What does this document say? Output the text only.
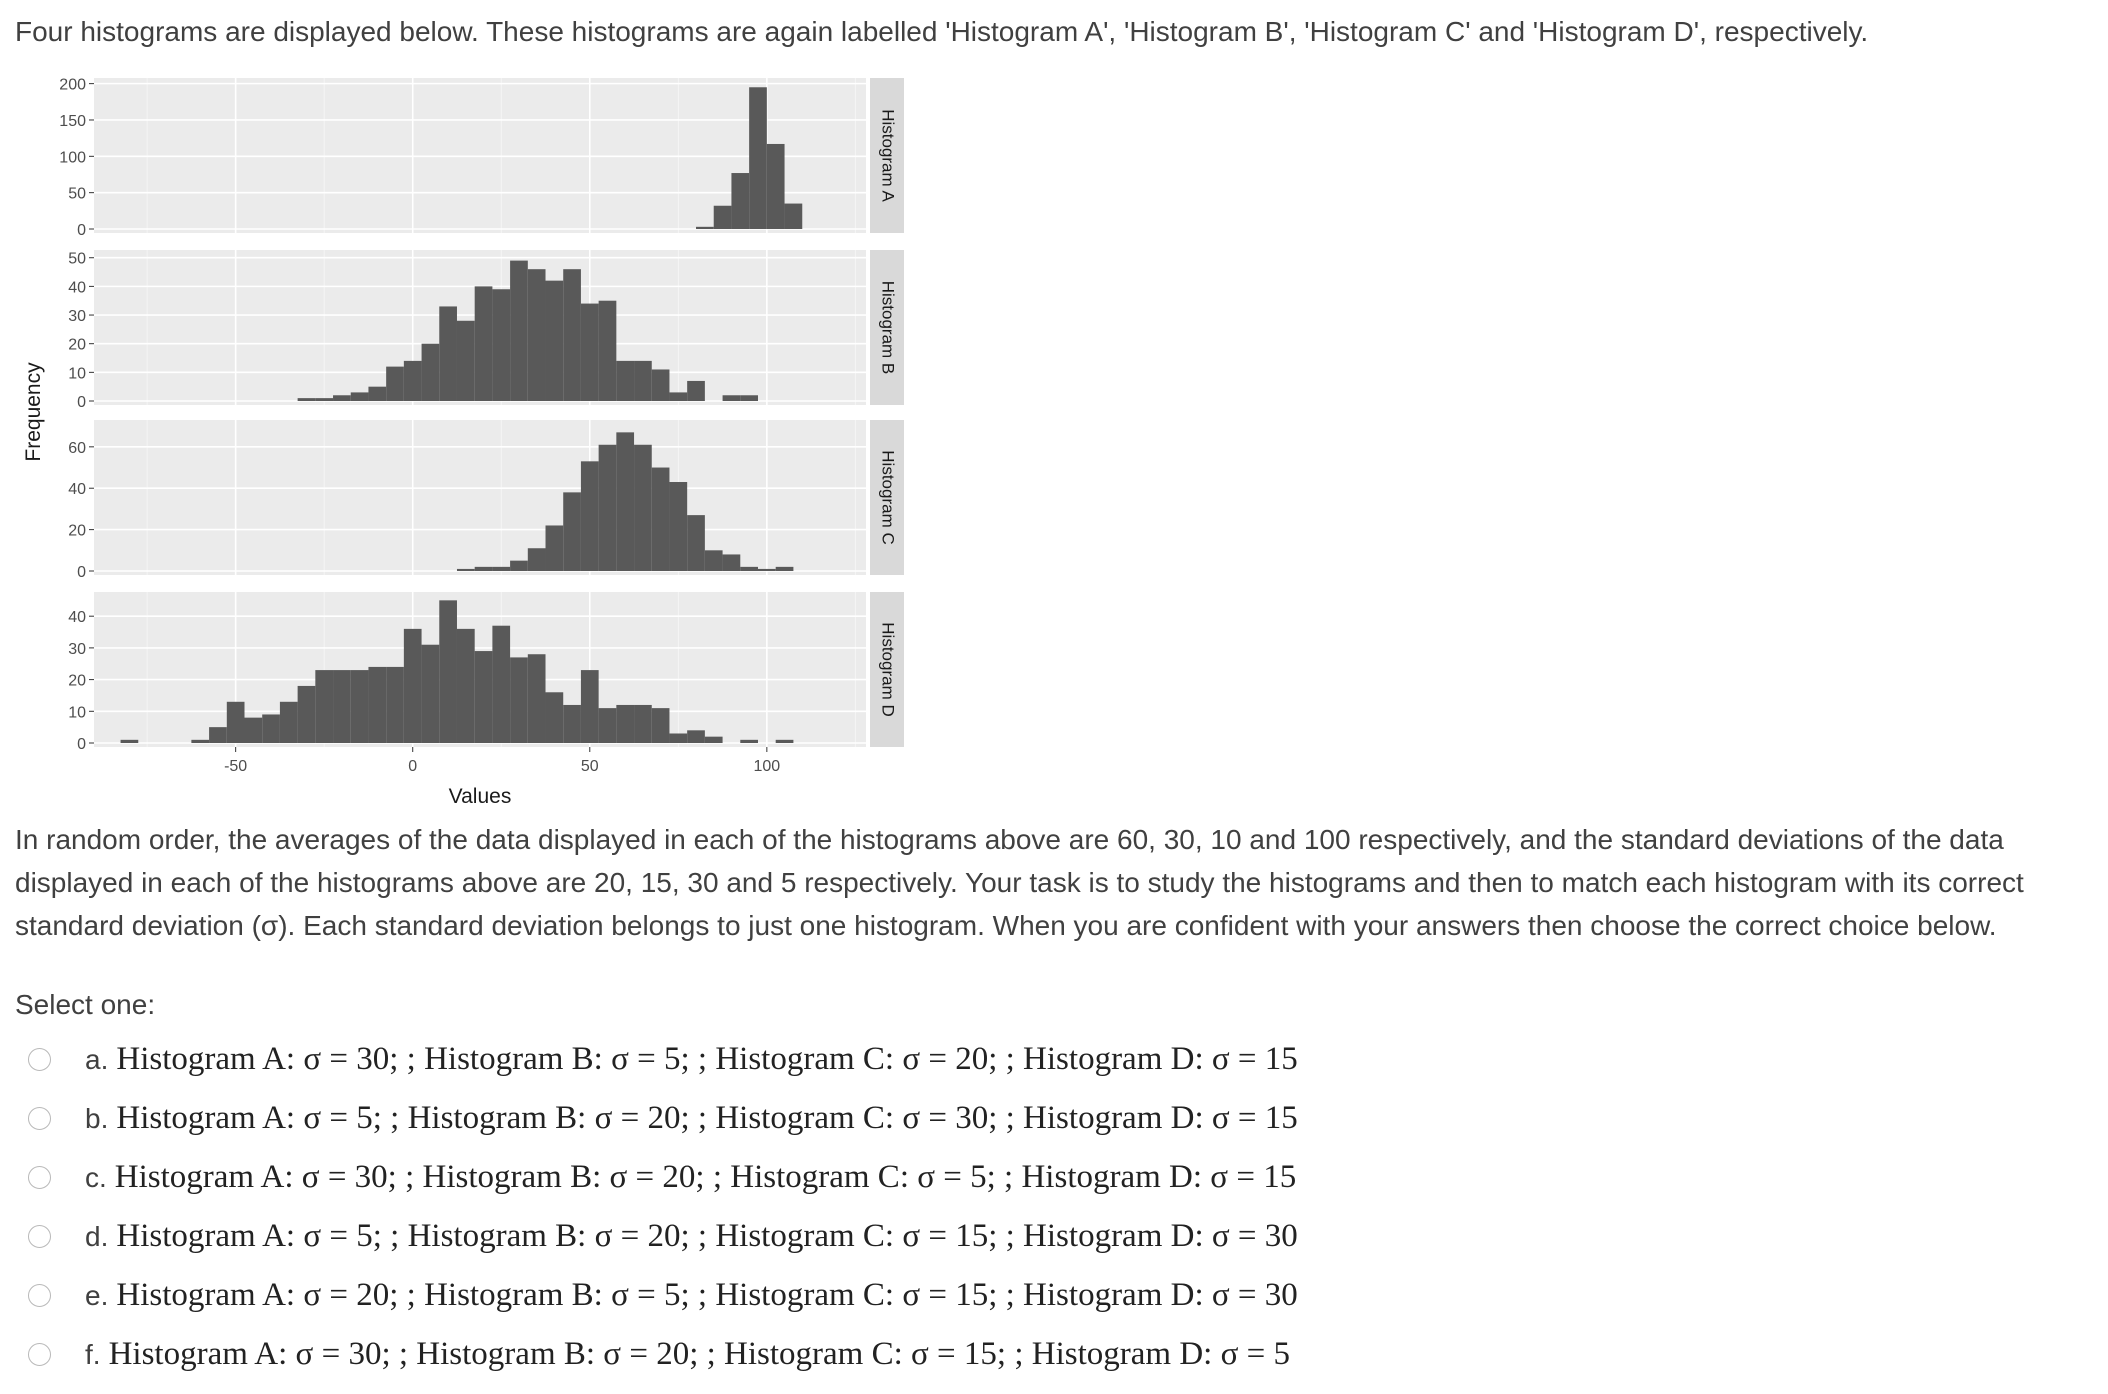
Four histograms are displayed below. These histograms are again labelled 'Histogram A', 'Histogram B', 'Histogram C' and 'Histogram D', respectively.
0
50
100
150
200
Histogram A
0
10
20
30
40
50
Histogram B
0
20
40
60
Histogram C
0
10
20
30
40
Histogram D
-50	0	50	100
Values
Frequency
In random order, the averages of the data displayed in each of the histograms above are 60, 30, 10 and 100 respectively, and the standard deviations of the data displayed in each of the histograms above are 20, 15, 30 and 5 respectively. Your task is to study the histograms and then to match each histogram with its correct standard deviation (σ). Each standard deviation belongs to just one histogram. When you are confident with your answers then choose the correct choice below.
Select one:
a. Histogram A: σ = 30; ; Histogram B: σ = 5; ; Histogram C: σ = 20; ; Histogram D: σ = 15
b. Histogram A: σ = 5; ; Histogram B: σ = 20; ; Histogram C: σ = 30; ; Histogram D: σ = 15
c. Histogram A: σ = 30; ; Histogram B: σ = 20; ; Histogram C: σ = 5; ; Histogram D: σ = 15
d. Histogram A: σ = 5; ; Histogram B: σ = 20; ; Histogram C: σ = 15; ; Histogram D: σ = 30
e. Histogram A: σ = 20; ; Histogram B: σ = 5; ; Histogram C: σ = 15; ; Histogram D: σ = 30
f. Histogram A: σ = 30; ; Histogram B: σ = 20; ; Histogram C: σ = 15; ; Histogram D: σ = 5
